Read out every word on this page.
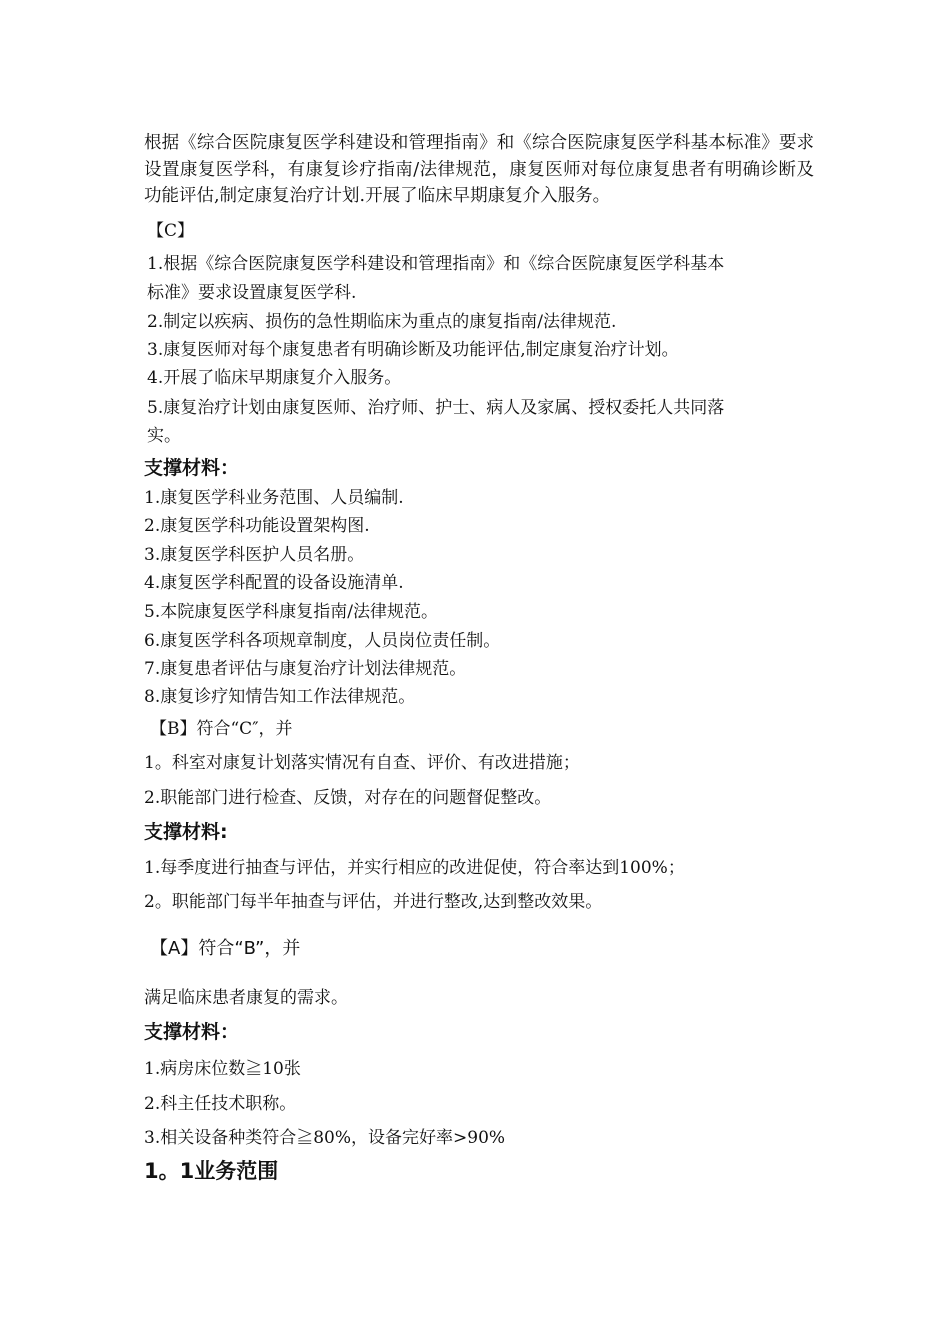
根据《综合医院康复医学科建设和管理指南》和《综合医院康复医学科基本标准》要求设置康复医学科，有康复诊疗指南/法律规范，康复医师对每位康复患者有明确诊断及功能评估,制定康复治疗计划.开展了临床早期康复介入服务。
【C】
1.根据《综合医院康复医学科建设和管理指南》和《综合医院康复医学科基本
标准》要求设置康复医学科.
2.制定以疾病、损伤的急性期临床为重点的康复指南/法律规范.
3.康复医师对每个康复患者有明确诊断及功能评估,制定康复治疗计划。
4.开展了临床早期康复介入服务。
5.康复治疗计划由康复医师、治疗师、护士、病人及家属、授权委托人共同落
实。
支撑材料：
1.康复医学科业务范围、人员编制.
2.康复医学科功能设置架构图.
3.康复医学科医护人员名册。
4.康复医学科配置的设备设施清单.
5.本院康复医学科康复指南/法律规范。
6.康复医学科各项规章制度，人员岗位责任制。
7.康复患者评估与康复治疗计划法律规范。
8.康复诊疗知情告知工作法律规范。
【B】符合“C″，并
1。科室对康复计划落实情况有自查、评价、有改进措施；
2.职能部门进行检查、反馈，对存在的问题督促整改。
支撑材料:
1.每季度进行抽查与评估，并实行相应的改进促使，符合率达到100%；
2。职能部门每半年抽查与评估，并进行整改,达到整改效果。
【A】符合“B”，并
满足临床患者康复的需求。
支撑材料：
1.病房床位数≧10张
2.科主任技术职称。
3.相关设备种类符合≧80%，设备完好率>90%
1。1业务范围
